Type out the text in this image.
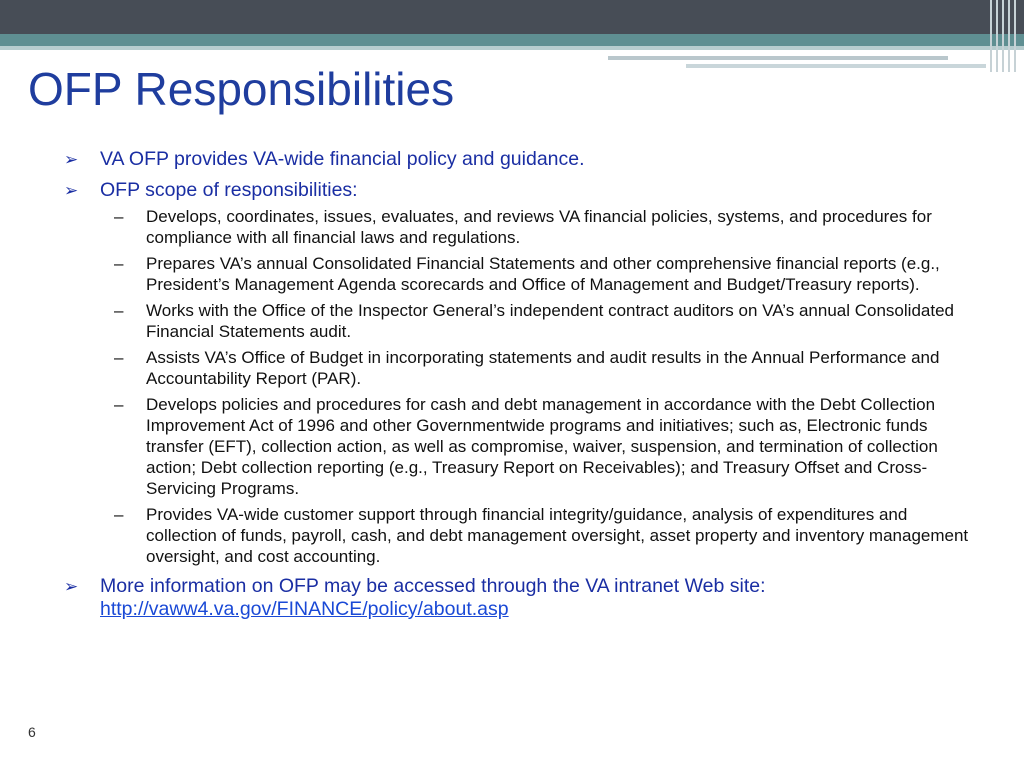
OFP Responsibilities
➢ VA OFP provides VA-wide financial policy and guidance.
➢ OFP scope of responsibilities:
– Develops, coordinates, issues, evaluates, and reviews VA financial policies, systems, and procedures for compliance with all financial laws and regulations.
– Prepares VA’s annual Consolidated Financial Statements and other comprehensive financial reports (e.g., President’s Management Agenda scorecards and Office of Management and Budget/Treasury reports).
– Works with the Office of the Inspector General’s independent contract auditors on VA’s annual Consolidated Financial Statements audit.
– Assists VA’s Office of Budget in incorporating statements and audit results in the Annual Performance and Accountability Report (PAR).
– Develops policies and procedures for cash and debt management in accordance with the Debt Collection Improvement Act of 1996 and other Governmentwide programs and initiatives; such as, Electronic funds transfer (EFT), collection action, as well as compromise, waiver, suspension, and termination of collection action; Debt collection reporting (e.g., Treasury Report on Receivables); and Treasury Offset and Cross-Servicing Programs.
– Provides VA-wide customer support through financial integrity/guidance, analysis of expenditures and collection of funds, payroll, cash, and debt management oversight, asset property and inventory management oversight, and cost accounting.
➢ More information on OFP may be accessed through the VA intranet Web site: http://vaww4.va.gov/FINANCE/policy/about.asp
6
